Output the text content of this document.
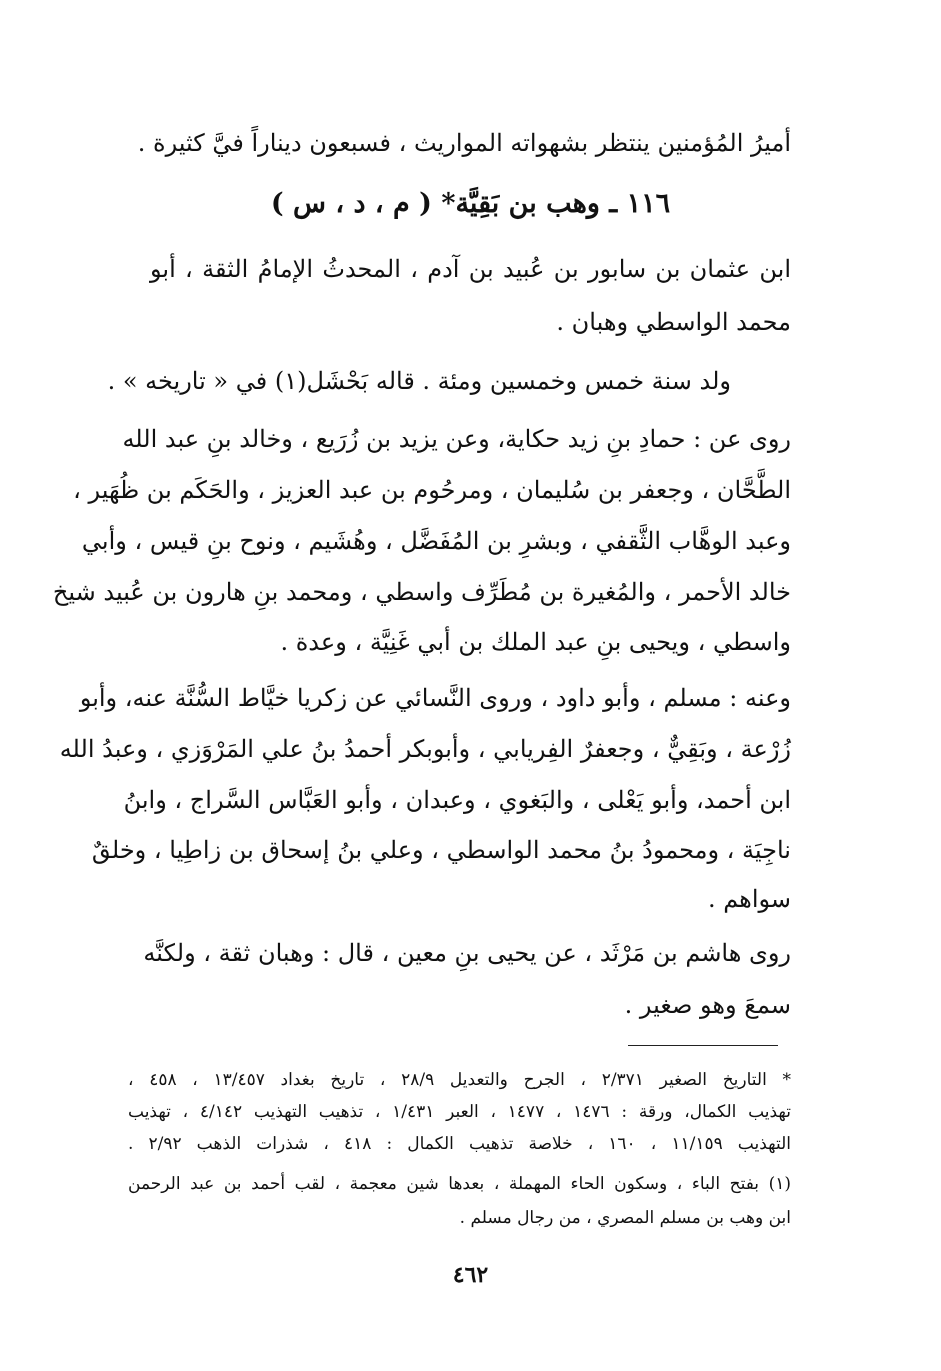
أميرُ المُؤمنين ينتظر بشهواته المواريث ، فسبعون ديناراً فيَّ كثيرة .
١١٦ ـ وهب بن بَقِيَّة* ( م ، د ، س )
ابن عثمان بن سابور بن عُبيد بن آدم ، المحدثُ الإمامُ الثقة ، أبو
محمد الواسطي وهبان .
ولد سنة خمس وخمسين ومئة . قاله بَحْشَل(١) في « تاريخه » .
روى عن : حمادِ بنِ زيد حكاية، وعن يزيد بن زُرَيع ، وخالد بنِ عبد الله
الطَّحَّان ، وجعفر بن سُليمان ، ومرحُوم بن عبد العزيز ، والحَكَم بن ظُهَير ،
وعبد الوهَّاب الثَّقفي ، وبشرِ بن المُفَضَّل ، وهُشَيم ، ونوح بنِ قيس ، وأبي
خالد الأحمر ، والمُغيرة بن مُطَرِّف واسطي ، ومحمد بنِ هارون بن عُبيد شيخ
واسطي ، ويحيى بنِ عبد الملك بن أبي غَنِيَّة ، وعدة .
وعنه : مسلم ، وأبو داود ، وروى النَّسائي عن زكريا خيَّاط السُّنَّة عنه، وأبو
زُرْعة ، وبَقِيٌّ ، وجعفرٌ الفِريابي ، وأبوبكر أحمدُ بنُ علي المَرْوَزي ، وعبدُ الله
ابن أحمد، وأبو يَعْلى ، والبَغوي ، وعبدان ، وأبو العَبَّاس السَّراج ، وابنُ
ناجِيَة ، ومحمودُ بنُ محمد الواسطي ، وعلي بنُ إسحاق بن زاطِيا ، وخلقٌ
سواهم .
روى هاشم بن مَرْثَد ، عن يحيى بنِ معين ، قال : وهبان ثقة ، ولكنَّه
سمعَ وهو صغير .
* التاريخ الصغير ٢/٣٧١ ، الجرح والتعديل ٢٨/٩ ، تاريخ بغداد ١٣/٤٥٧ ، ٤٥٨ ،
تهذيب الكمال، ورقة : ١٤٧٦ ، ١٤٧٧ ، العبر ١/٤٣١ ، تذهيب التهذيب ٤/١٤٢ ، تهذيب
التهذيب ١١/١٥٩ ، ١٦٠ ، خلاصة تذهيب الكمال : ٤١٨ ، شذرات الذهب ٢/٩٢ .
(١) بفتح الباء ، وسكون الحاء المهملة ، بعدها شين معجمة ، لقب أحمد بن عبد الرحمن
ابن وهب بن مسلم المصري ، من رجال مسلم .
٤٦٢
